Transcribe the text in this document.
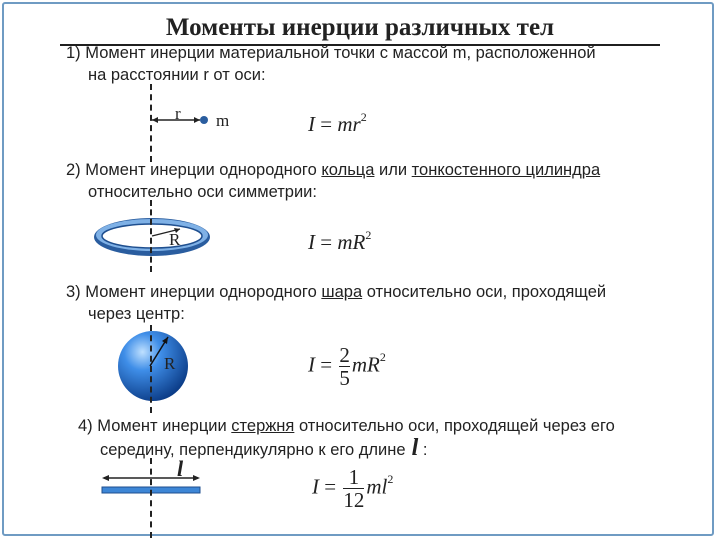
Моменты инерции различных тел
1) Момент инерции материальной точки с массой m, расположенной
на расстоянии r от оси:
r m	$I = mr^2$
2) Момент инерции однородного кольца или тонкостенного цилиндра
относительно оси симметрии:
R	$I = mR^2$
3) Момент инерции однородного шара относительно оси, проходящей
через центр:
R	$I = \frac{2}{5} mR^2$
4) Момент инерции стержня относительно оси, проходящей через его
середину, перпендикулярно к его длине l :
l
$I = \frac{1}{12} ml^2$
